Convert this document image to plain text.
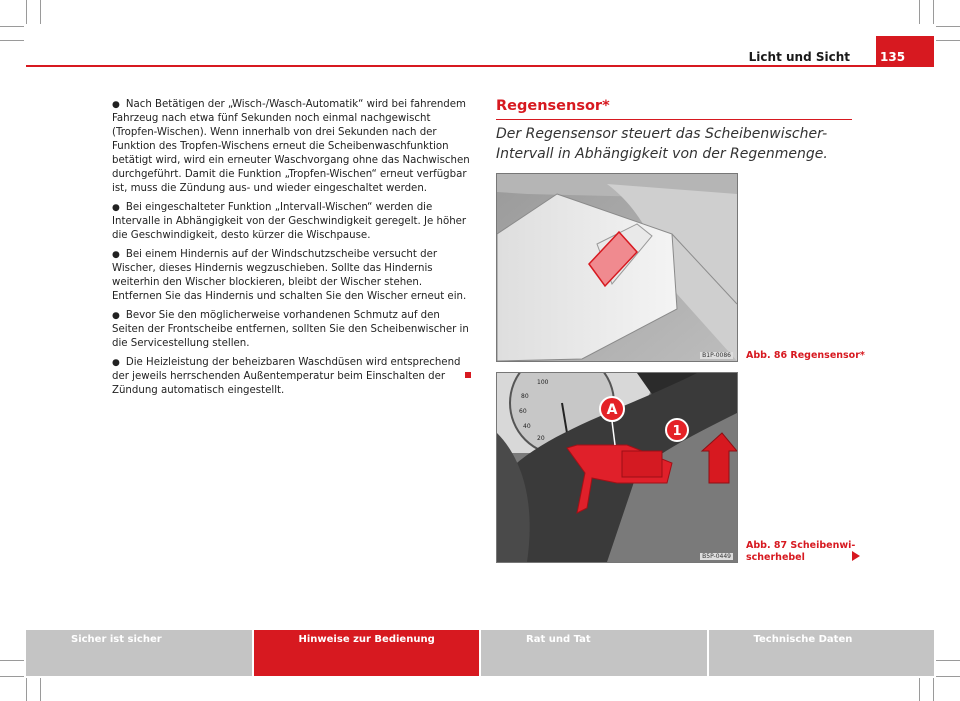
Licht und Sicht	135
● Nach Betätigen der „Wisch-/Wasch-Automatik“ wird bei fahrendem Fahrzeug nach etwa fünf Sekunden noch einmal nachgewischt (Tropfen-Wischen). Wenn innerhalb von drei Sekunden nach der Funktion des Tropfen-Wischens erneut die Scheibenwaschfunktion betätigt wird, wird ein erneuter Waschvorgang ohne das Nachwischen durchgeführt. Damit die Funktion „Tropfen-Wischen“ erneut verfügbar ist, muss die Zündung aus- und wieder eingeschaltet werden.
● Bei eingeschalteter Funktion „Intervall-Wischen“ werden die Intervalle in Abhängigkeit von der Geschwindigkeit geregelt. Je höher die Geschwindigkeit, desto kürzer die Wischpause.
● Bei einem Hindernis auf der Windschutzscheibe versucht der Wischer, dieses Hindernis wegzuschieben. Sollte das Hindernis weiterhin den Wischer blockieren, bleibt der Wischer stehen. Entfernen Sie das Hindernis und schalten Sie den Wischer erneut ein.
● Bevor Sie den möglicherweise vorhandenen Schmutz auf den Seiten der Frontscheibe entfernen, sollten Sie den Scheibenwischer in die Servicestellung stellen.
● Die Heizleistung der beheizbaren Waschdüsen wird entsprechend der jeweils herrschenden Außentemperatur beim Einschalten der Zündung automatisch eingestellt.
Regensensor*
Der Regensensor steuert das Scheibenwischer-Intervall in Abhängigkeit von der Regenmenge.
B1P-0086 Abb. 86 Regensensor*
100
80
60
40
20	1
A
B5P-0449
Abb. 87 Scheibenwi-
scherhebel
Sicher ist sicher	Hinweise zur Bedienung	Rat und Tat	Technische Daten
